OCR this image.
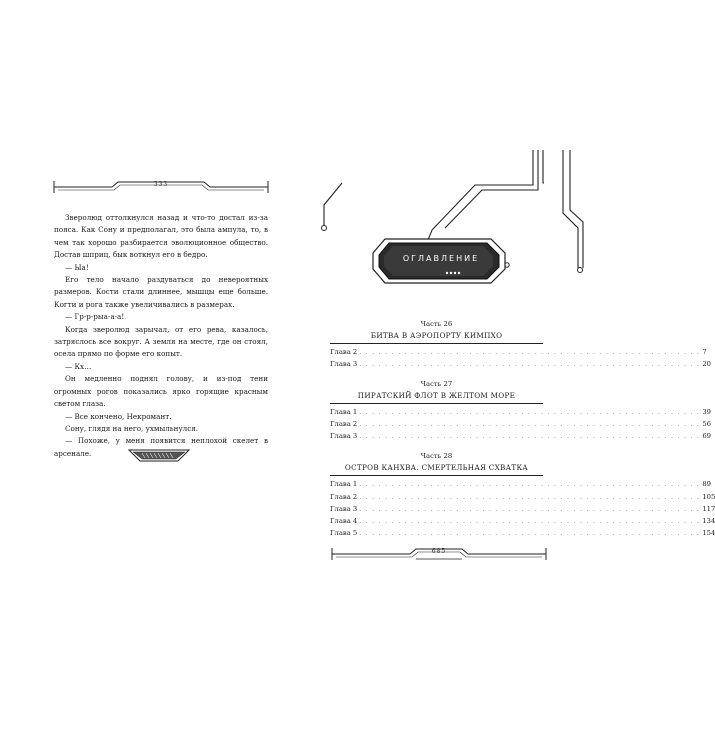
333

Зверолюд оттолкнулся назад и что-то достал из-за пояса. Как Сону и предполагал, это была ампула, то, в чем так хорошо разбирается эволюционное общество. Достав шприц, бык воткнул его в бедро.

— Ыа!

Его тело начало раздуваться до невероятных размеров. Кости стали длиннее, мышцы еще больше. Когти и рога также увеличивались в размерах.

— Гр-р-рыа-а-а!

Когда зверолюд зарычал, от его рева, казалось, затряслось все вокруг. А земля на месте, где он стоял, осела прямо по форме его копыт.

— Кх…

Он медленно поднял голову, и из-под тени огромных рогов показались ярко горящие красным светом глаза.

— Все кончено, Некромант.

Сону, глядя на него, ухмыльнулся.

— Похоже, у меня появится неплохой скелет в арсенале.

ОГЛАВЛЕНИЕ
Часть 26
БИТВА В АЭРОПОРТУ КИМПХО
Глава 2 . . . . . . . . . . . . . . . . . . . . . . . . . . . . . . . . . . . . . . . . . . . . . . . . . . . . . 7
Глава 3 . . . . . . . . . . . . . . . . . . . . . . . . . . . . . . . . . . . . . . . . . . . . . . . . . . . . . 20
Часть 27
ПИРАТСКИЙ ФЛОТ В ЖЕЛТОМ МОРЕ
Глава 1 . . . . . . . . . . . . . . . . . . . . . . . . . . . . . . . . . . . . . . . . . . . . . . . . . . . . . 39
Глава 2 . . . . . . . . . . . . . . . . . . . . . . . . . . . . . . . . . . . . . . . . . . . . . . . . . . . . . 56
Глава 3 . . . . . . . . . . . . . . . . . . . . . . . . . . . . . . . . . . . . . . . . . . . . . . . . . . . . . 69
Часть 28
ОСТРОВ КАНХВА. СМЕРТЕЛЬНАЯ СХВАТКА
Глава 1 . . . . . . . . . . . . . . . . . . . . . . . . . . . . . . . . . . . . . . . . . . . . . . . . . . . . . 89
Глава 2 . . . . . . . . . . . . . . . . . . . . . . . . . . . . . . . . . . . . . . . . . . . . . . . . . . . . . 105
Глава 3 . . . . . . . . . . . . . . . . . . . . . . . . . . . . . . . . . . . . . . . . . . . . . . . . . . . . . 117
Глава 4 . . . . . . . . . . . . . . . . . . . . . . . . . . . . . . . . . . . . . . . . . . . . . . . . . . . . . 134
Глава 5 . . . . . . . . . . . . . . . . . . . . . . . . . . . . . . . . . . . . . . . . . . . . . . . . . . . . . 154
685
